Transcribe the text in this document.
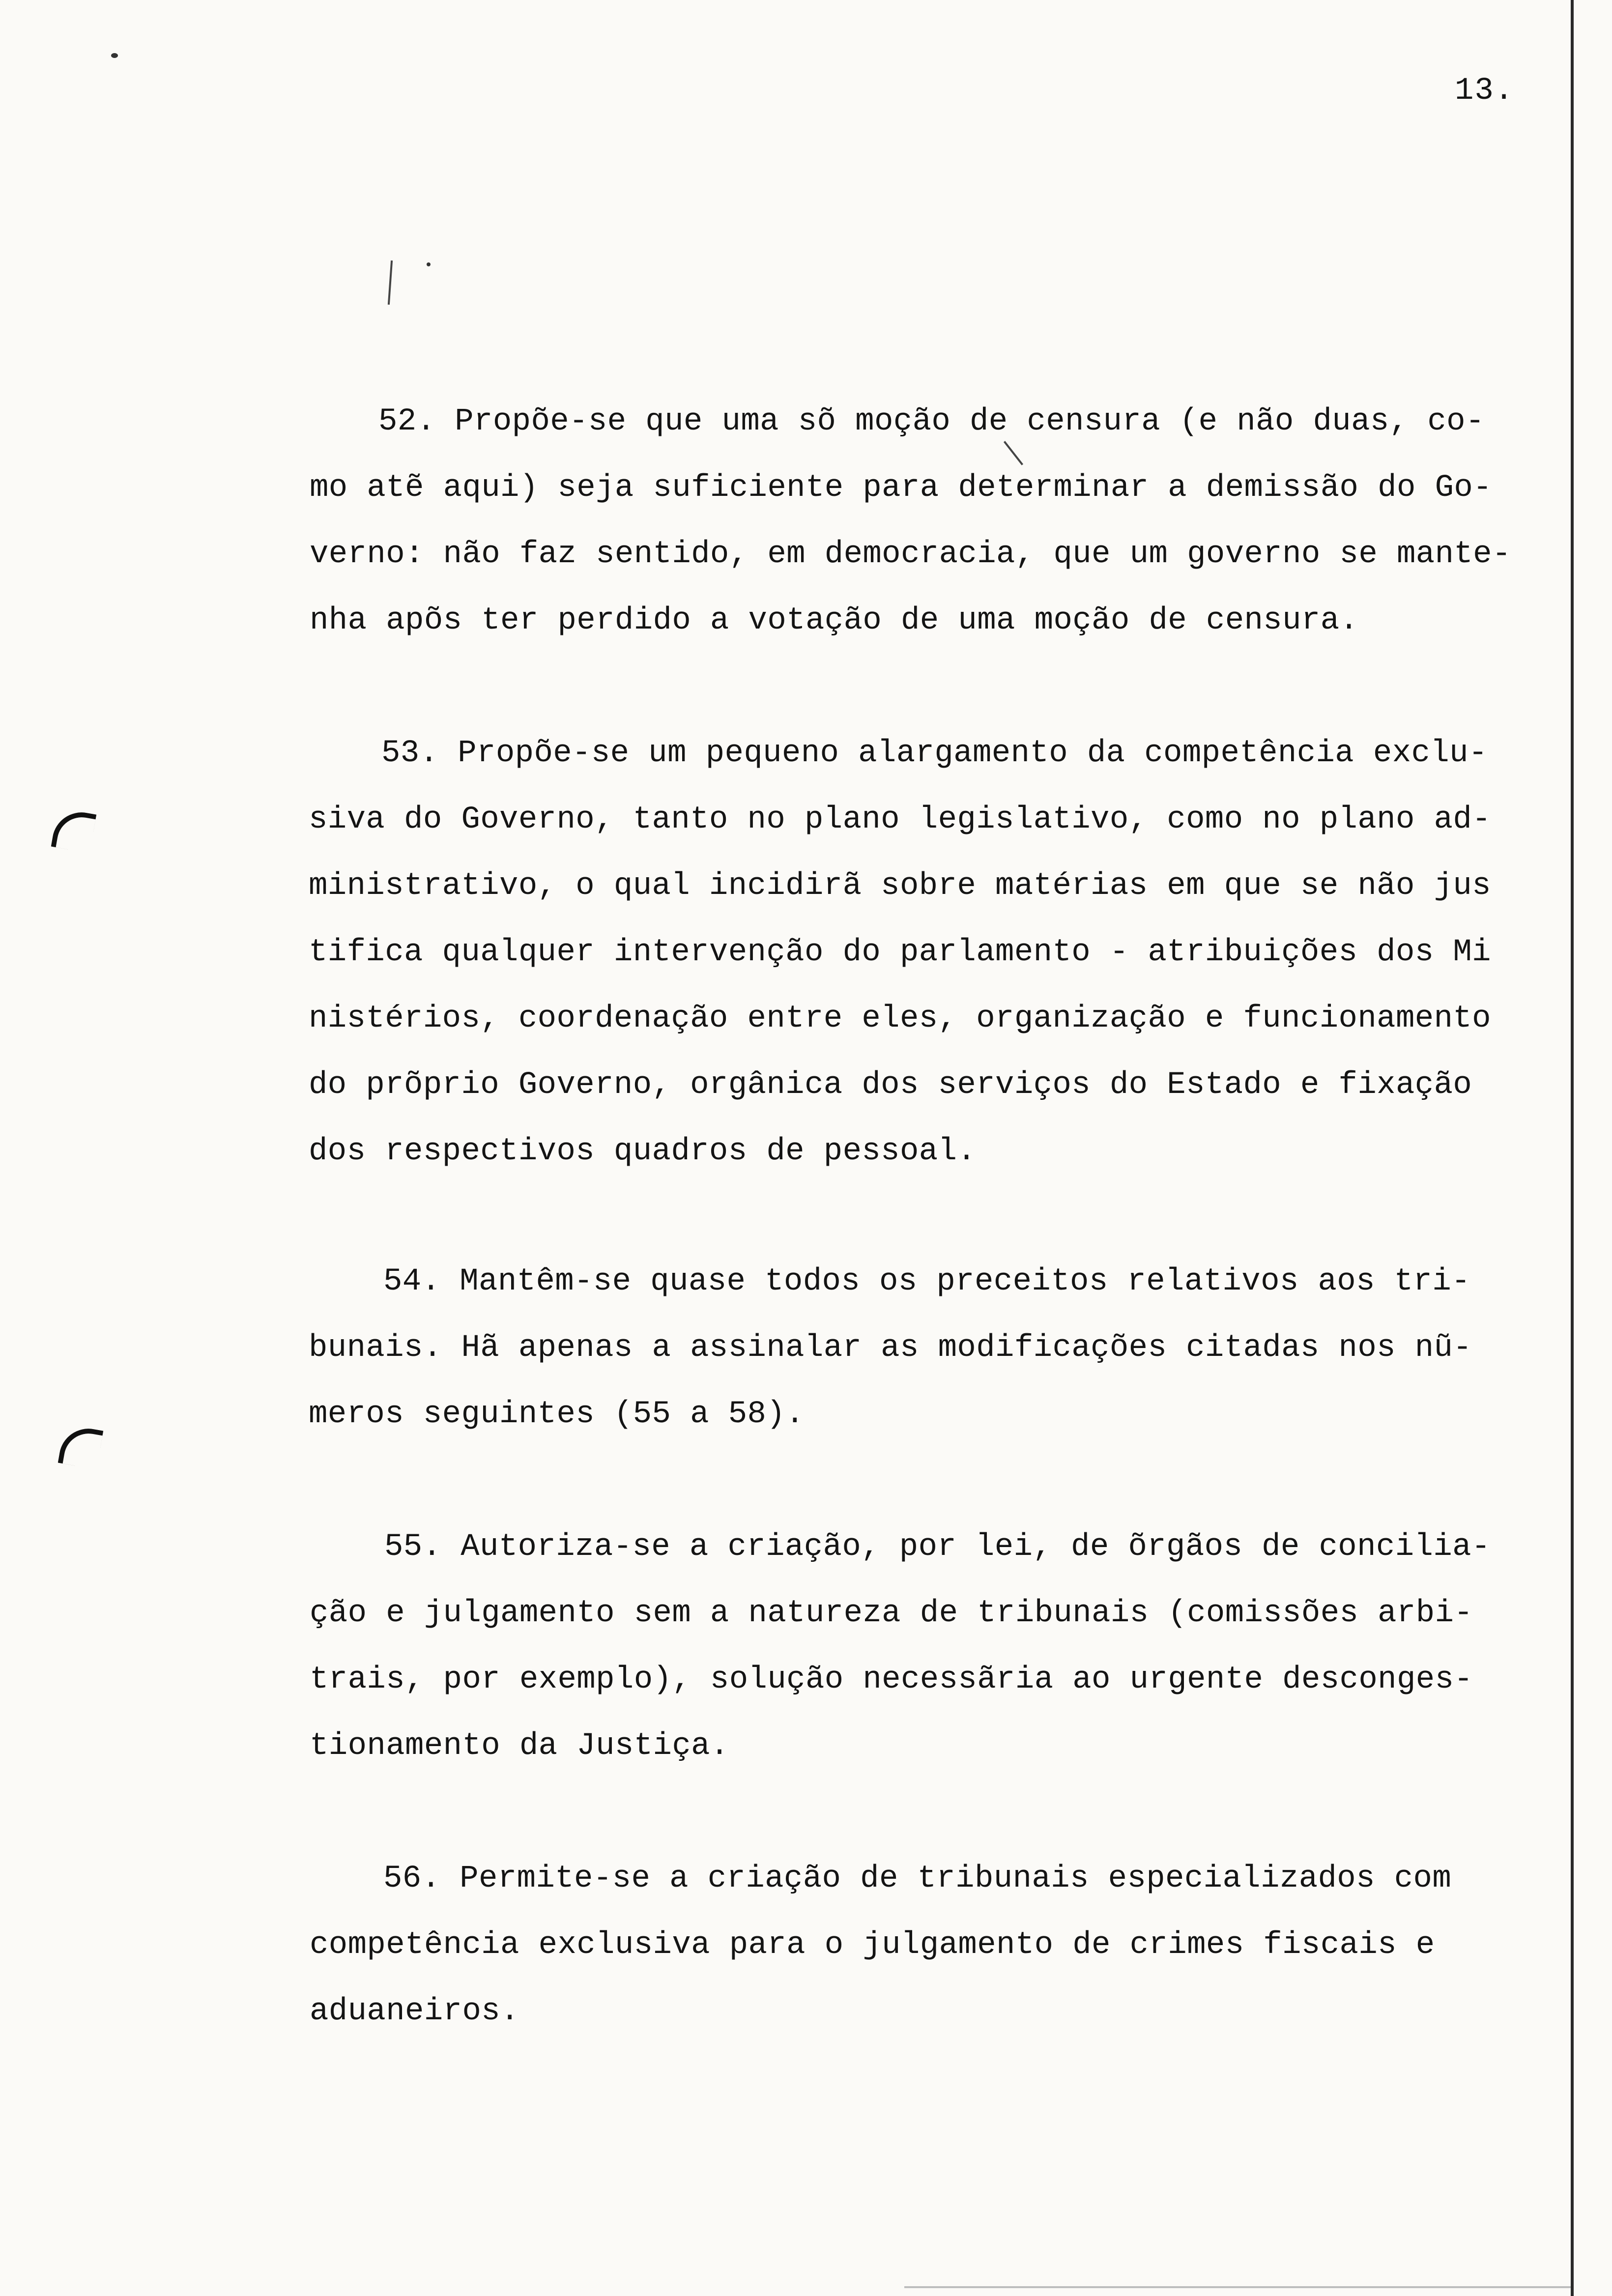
13.
52. Propõe-se que uma sõ moção de censura (e não duas, co-
mo atẽ aqui) seja suficiente para determinar a demissão do Go-
verno: não faz sentido, em democracia, que um governo se mante-
nha apõs ter perdido a votação de uma moção de censura.
53. Propõe-se um pequeno alargamento da competência exclu-
siva do Governo, tanto no plano legislativo, como no plano ad-
ministrativo, o qual incidirã sobre matérias em que se não jus
tifica qualquer intervenção do parlamento - atribuições dos Mi
nistérios, coordenação entre eles, organização e funcionamento
do prõprio Governo, orgânica dos serviços do Estado e fixação
dos respectivos quadros de pessoal.
54. Mantêm-se quase todos os preceitos relativos aos tri-
bunais. Hã apenas a assinalar as modificações citadas nos nũ-
meros seguintes (55 a 58).
55. Autoriza-se a criação, por lei, de õrgãos de concilia-
ção e julgamento sem a natureza de tribunais (comissões arbi-
trais, por exemplo), solução necessãria ao urgente desconges-
tionamento da Justiça.
56. Permite-se a criação de tribunais especializados com
competência exclusiva para o julgamento de crimes fiscais e
aduaneiros.
